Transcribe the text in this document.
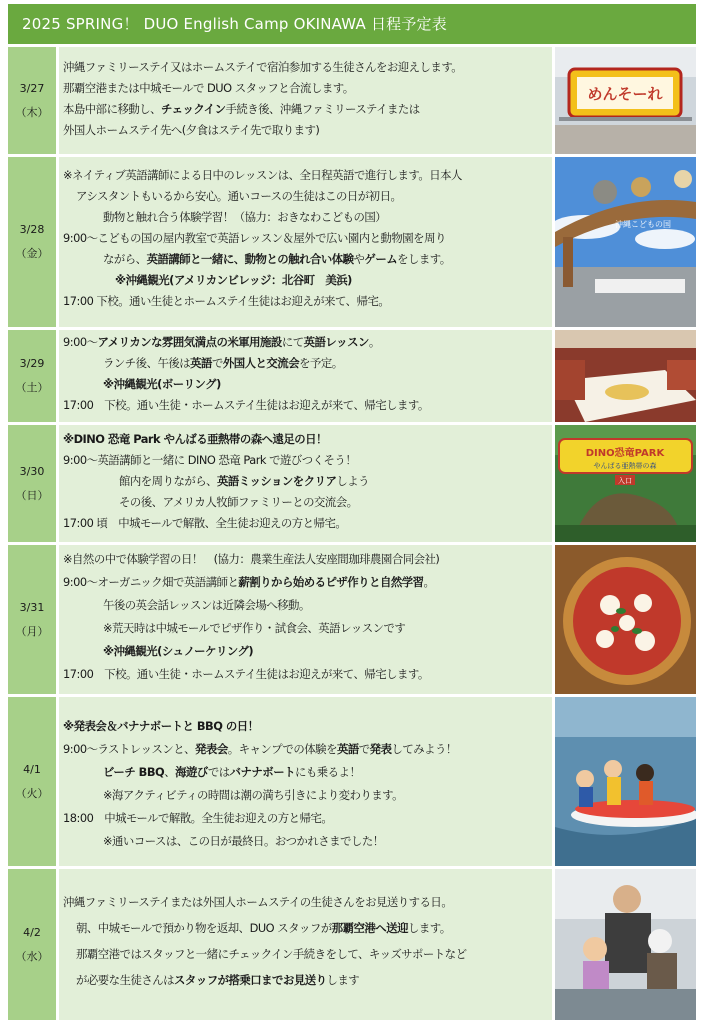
2025 SPRING！ DUO English Camp OKINAWA 日程予定表
3/27
（木）
沖縄ファミリーステイ又はホームステイで宿泊参加する生徒さんをお迎えします。
那覇空港または中城モールで DUO スタッフと合流します。
本島中部に移動し、チェックイン手続き後、沖縄ファミリーステイまたは
外国人ホームステイ先へ(夕食はステイ先で取ります)
めんそーれ
3/28
（金）
※ネイティブ英語講師による日中のレッスンは、全日程英語で進行します。日本人
アシスタントもいるから安心。通いコースの生徒はこの日が初日。
動物と触れ合う体験学習！（協力：おきなわこどもの国）
9:00～こどもの国の屋内教室で英語レッスン＆屋外で広い園内と動物園を周り
ながら、英語講師と一緒に、動物との触れ合い体験やゲームをします。
※沖縄観光(アメリカンビレッジ：北谷町　美浜)
17:00 下校。通い生徒とホームステイ生徒はお迎えが来て、帰宅。
沖縄こどもの国
3/29
（土）
9:00～アメリカンな雰囲気満点の米軍用施設にて英語レッスン。
ランチ後、午後は英語で外国人と交流会を予定。
※沖縄観光(ボーリング)
17:00　下校。通い生徒・ホームステイ生徒はお迎えが来て、帰宅します。
3/30
（日）
※DINO 恐竜 Park やんばる亜熱帯の森へ遠足の日！
9:00～英語講師と一緒に DINO 恐竜 Park で遊びつくそう！
館内を周りながら、英語ミッションをクリアしよう
その後、アメリカ人牧師ファミリーとの交流会。
17:00 頃　中城モールで解散、全生徒お迎えの方と帰宅。
DINO恐竜PARK
やんばる亜熱帯の森
入口
3/31
（月）
※自然の中で体験学習の日！　(協力：農業生産法人安座間珈琲農園合同会社)
9:00～オーガニック畑で英語講師と薪割りから始めるピザ作りと自然学習。
午後の英会話レッスンは近隣会場へ移動。
※荒天時は中城モールでピザ作り・試食会、英語レッスンです
※沖縄観光(シュノーケリング)
17:00　下校。通い生徒・ホームステイ生徒はお迎えが来て、帰宅します。
4/1
（火）
※発表会＆バナナボートと BBQ の日！
9:00～ラストレッスンと、発表会。キャンプでの体験を英語で発表してみよう！
ビーチ BBQ、海遊びではバナナボートにも乗るよ！
※海アクティビティの時間は潮の満ち引きにより変わります。
18:00　中城モールで解散。全生徒お迎えの方と帰宅。
※通いコースは、この日が最終日。おつかれさまでした！
4/2
（水）
沖縄ファミリーステイまたは外国人ホームステイの生徒さんをお見送りする日。
朝、中城モールで預かり物を返却、DUO スタッフが那覇空港へ送迎します。
那覇空港ではスタッフと一緒にチェックイン手続きをして、キッズサポートなど
が必要な生徒さんはスタッフが搭乗口までお見送りします
